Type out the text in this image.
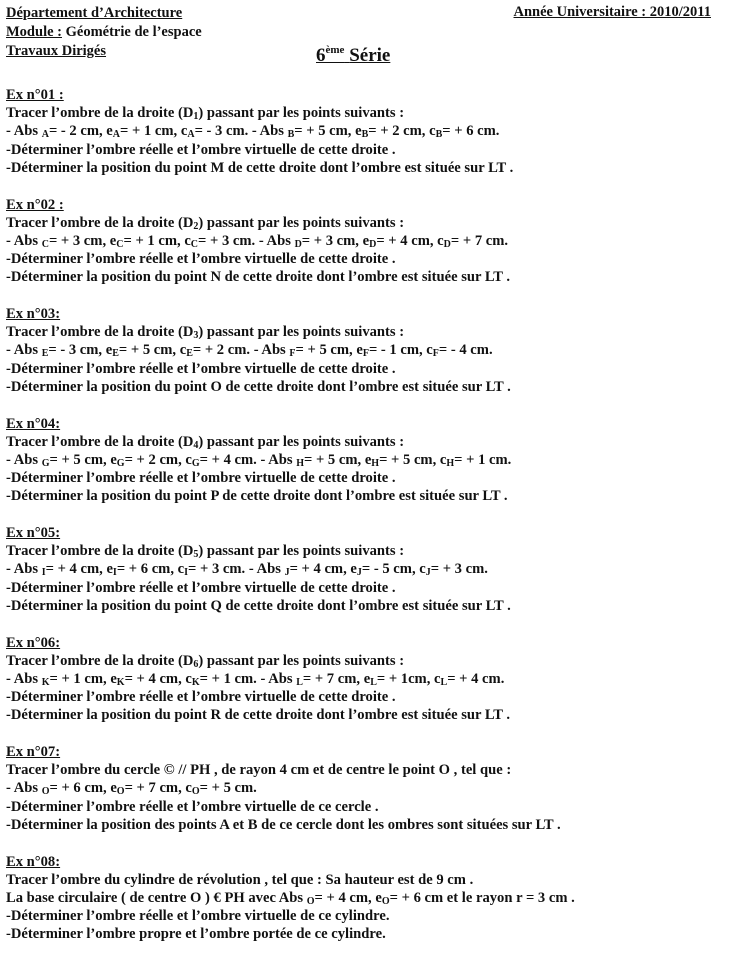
Département d’Architecture
Module : Géométrie de l’espace
Travaux Dirigés
Année Universitaire : 2010/2011
6ème Série
Ex n°01 :
Tracer l’ombre de la droite $(D_1)$ passant par les points suivants :
- Abs $_A$= - 2 cm, $e_A= + 1$ cm, $c_A= - 3$ cm. - Abs $_B$= + 5 cm, $e_B= + 2$ cm, $c_B= + 6$ cm.
-Déterminer l’ombre réelle et l’ombre virtuelle de cette droite .
-Déterminer la position du point M de cette droite dont l’ombre est située sur LT .
Ex n°02 :
Tracer l’ombre de la droite $(D_2)$ passant par les points suivants :
- Abs $_C$= + 3 cm, $e_C= + 1$ cm, $c_C= + 3$ cm. - Abs $_D$= + 3 cm, $e_D= + 4$ cm, $c_D= + 7$ cm.
-Déterminer l’ombre réelle et l’ombre virtuelle de cette droite .
-Déterminer la position du point N de cette droite dont l’ombre est située sur LT .
Ex n°03:
Tracer l’ombre de la droite $(D_3)$ passant par les points suivants :
- Abs $_E$= - 3 cm, $e_E= + 5$ cm, $c_E= + 2$ cm. - Abs $_F$= + 5 cm, $e_F= - 1$ cm, $c_F= - 4$ cm.
-Déterminer l’ombre réelle et l’ombre virtuelle de cette droite .
-Déterminer la position du point O de cette droite dont l’ombre est située sur LT .
Ex n°04:
Tracer l’ombre de la droite $(D_4)$ passant par les points suivants :
- Abs $_G$= + 5 cm, $e_G= + 2$ cm, $c_G= + 4$ cm. - Abs $_H$= + 5 cm, $e_H= + 5$ cm, $c_H= + 1$ cm.
-Déterminer l’ombre réelle et l’ombre virtuelle de cette droite .
-Déterminer la position du point P de cette droite dont l’ombre est située sur LT .
Ex n°05:
Tracer l’ombre de la droite $(D_5)$ passant par les points suivants :
- Abs $_I$= + 4 cm, $e_I= + 6$ cm, $c_I= + 3$ cm. - Abs $_J$= + 4 cm, $e_J= - 5$ cm, $c_J= + 3$ cm.
-Déterminer l’ombre réelle et l’ombre virtuelle de cette droite .
-Déterminer la position du point Q de cette droite dont l’ombre est située sur LT .
Ex n°06:
Tracer l’ombre de la droite $(D_6)$ passant par les points suivants :
- Abs $_K$= + 1 cm, $e_K= + 4$ cm, $c_K= + 1$ cm. - Abs $_L$= + 7 cm, $e_L= + 1cm$, $c_L= + 4$ cm.
-Déterminer l’ombre réelle et l’ombre virtuelle de cette droite .
-Déterminer la position du point R de cette droite dont l’ombre est située sur LT .
Ex n°07:
Tracer l’ombre du cercle © // PH , de rayon 4 cm et de centre le point O , tel que :
- Abs $_O$= + 6 cm, $e_O= + 7$ cm, $c_O= + 5$ cm.
-Déterminer l’ombre réelle et l’ombre virtuelle de ce cercle .
-Déterminer la position des points A et B de ce cercle dont les ombres sont situées sur LT .
Ex n°08:
Tracer l’ombre du cylindre de révolution , tel que : Sa hauteur est de 9 cm .
La base circulaire ( de centre O ) € PH avec Abs $_O$= + 4 cm, $e_O= + 6$ cm et le rayon r = 3 cm .
-Déterminer l’ombre réelle et l’ombre virtuelle de ce cylindre.
-Déterminer l’ombre propre et l’ombre portée de ce cylindre.
